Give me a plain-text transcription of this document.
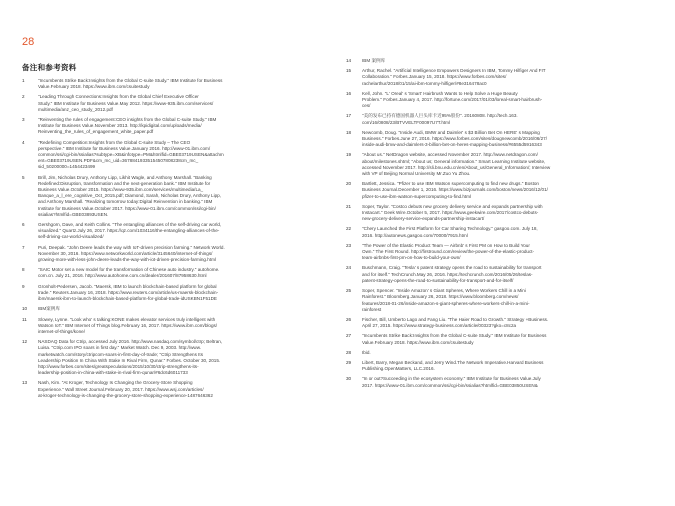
28
备注和参考资料
1	"Incumbents Strike Back:Insights from the Global C-suite Study." IBM Institute for Business
Value.February 2018. https://www.ibm.com/csuitestudy
2	"Leading Through Connections:Insights from the Global Chief Executive Officer
Study." IBM Institute for Business Value.May 2012. https://www-935.ibm.com/services/
multimedia/anz_ceo_study_2012.pdf
3	"Reinventing the rules of engagement:CEO insights from the Global C-suite Study." IBM
Institute for Business Value.November 2013. http://kpidigital.com/uploads/media/
Reinventing_the_rules_of_engagement_white_paper.pdf
4	"Redefining Competition:Insights from the Global C-suite Study – The CEO
perspective." IBM Institute for Business Value.January 2016. http://www-01.ibm.com/
common/ssi/cgi-bin/ssialias?subtype=XB&infotype=PM&htmlfid=GBE03719USEN&attachm
ent=GBE03719USEN.PDF&cm_mc_uid=36788419335154507808238cm_mc_
sid_50200000=1454423499
5	Brill, Jim, Nicholas Drury, Anthony Lipp, Likhit Wagle, and Anthony Marshall. "Banking
Redefined:Disruption, transformation and the next-generation bank." IBM Institute for
Business Value.October 2015. https://www-935.ibm.com/services/multimedia/La_
Banque_a_l_ere_cognitive_Oct_2015.pdf; Diamond, Sarah, Nicholas Drury, Anthony Lipp,
and Anthony Marshall. "Realizing tomorrow today:Digital Reinvention in banking." IBM
Institute for Business Value.October 2017. https://www-01.ibm.com/common/ssi/cgi-bin/
ssialias?htmlfid=GBE03893USEN.
6	Gershgorn, Dave, and Keith Collins. "The entangling alliances of the self-driving car world,
visualized." Quartz.July 26, 2017. https://qz.com/1034116/the-entangling-alliances-of-the-
self-driving-car-world-visualized/
7	Puri, Deepak. "John Deere leads the way with IoT-driven precision farming." Network World.
November 30, 2016. https://www.networkworld.com/article/3145640/internet-of-things/
growing-more-with-less-john-deere-leads-the-way-with-iot-driven-precision-farming.html
8	"SAIC Motor set a new model for the transformation of Chinese auto industry." autohome.
com.cn. July 21, 2016. http://www.autohome.com.cn/dealer/201607/87958630.html
9	Gronholt-Pedersen, Jacob. "Maersk, IBM to launch blockchain-based platform for global
trade." Reuters.January 16, 2018. https://www.reuters.com/article/us-maersk-blockchain-
ibm/maersk-ibm-to-launch-blockchain-based-platform-for-global-trade-idUSKBN1F51DE
10	IBM案例库
11	Slowey, Lynne. "Look who' s talking:KONE makes elevator services truly intelligent with
Watson IoT." IBM Internet of Things blog.February 16, 2017. https://www.ibm.com/blogs/
internet-of-things/kone/
12	NASDAQ Data for Ctrip, accessed July 2016. http://www.nasdaq.com/symbol/ctrp; Beltran,
Luisa. "Ctrip.com IPO soars in first day." Market Watch. Dec 9, 2003. http://www.
marketwatch.com/story/ctripcom-soars-in-first-day-of-trade; "Ctrip Strengthens Its
Leadership Position In China With Stake In Rival Firm, Qunar." Forbes. October 30, 2015.
http://www.forbes.com/sites/greatspeculations/2015/10/30/ctrip-strengthens-its-
leadership-position-in-china-with-stake-in-rival-firm-qunar/#6dc6d6011733
13	Nash, Kim. "At Kroger, Technology Is Changing the Grocery-Store Shopping
Experience." Wall Street Journal.February 20, 2017. https://www.wsj.com/articles/
at-kroger-technology-is-changing-the-grocery-store-shopping-experience-1487646362
14	IBM 案例库
15	Arthur, Rachel. "Artificial Intelligence Empowers Designers In IBM, Tommy Hilfiger And FIT
Collaboration." Forbes.January 15, 2018. https://www.forbes.com/sites/
rachelarthur/2018/01/15/ai-ibm-tommy-hilfiger/#8e316478ac0
16	Kell, John. "L' Oreal' s 'Smart' Hairbrush Wants to Help Solve a Huge Beauty
Problem." Forbes.January 4, 2017. http://fortune.com/2017/01/03/loreal-smart-hairbrush-
ces/
17	"美的发布已持有德国机器人巨头库卡近95%股份". 20160808. http://tech.163.
com/16/0808/23/BTVVELTF00097U7T.html
18	Newcomb, Doug. "Inside Audi, BMW and Daimler' s $3 Billion Bet On HERE' s Mapping
Business." Forbes.June 27, 2016. https://www.forbes.com/sites/dougnewcomb/2016/06/27/
inside-audi-bmw-and-daimlers-3-billion-bet-on-heres-mapping-business/#6555d5916343
19	"About us." NetDragon website, accessed November 2017. http://www.netdragon.com/
about/milestones.shtml; "About us; General information." Smart Learning Institute website,
accessed November 2017. http://sli.bnu.edu.cn/en/About_us/General_Information/; Interview
with VP of Beijing Normal University Mr.Zuo Yu Zhou.
20	Bartlett, Jessica. "Pfizer to use IBM Watson supercomputing to find new drugs." Boston
Business Journal.December 1, 2016. https://www.bizjournals.com/boston/news/2016/12/01/
pfizer-to-use-ibm-watson-supercomputing-to-find.html
21	Soper, Taylor. "Costco debuts new grocery delivery service and expands partnership with
Instacart." Geek Wire.October 5, 2017. https://www.geekwire.com/2017/costco-debuts-
new-grocery-delivery-service-expands-partnership-instacart/
22	"Chery Launched the First Platform for Car Sharing Technology." gasgoo.com. July 18,
2016. http://autonews.gasgoo.com/70000/7915.html
23	"The Power of the Elastic Product Team — Airbnb' s First PM on How to Build Your
Own." The First Round. http://firstround.com/review/the-power-of-the-elastic-product-
team-airbnbs-first-pm-on-how-to-build-your-own/
24	Buschmann, Craig. "Tesla' s patent strategy opens the road to sustainability for transport
and for itself." TechCrunch.May 26, 2016. https://techcrunch.com/2016/05/26/teslas-
patent-strategy-opens-the-road-to-sustainability-for-transport-and-for-itself/
25	Soper, Spencer. "Inside Amazon' s Giant Spheres, Where Workers Chill in a Mini
Rainforest." Bloomberg.January 26, 2018. https://www.bloomberg.com/news/
features/2018-01-26/inside-amazon-s-giant-spheres-where-workers-chill-in-a-mini-
rainforest
26	Fischer, Bill, Umberto Lago and Fang Liu. "The Haier Road to Growth." Strategy +Business.
April 27, 2015. https://www.strategy-business.com/article/00323?gko=c8c2a
27	"Incumbents Strike Back:Insights from the Global C-suite Study." IBM Institute for Business
Value.February 2018. https://www.ibm.com/csuitestudy
28	Ibid.
29	Libert, Barry, Megan Beckand, and Jerry Wind.The Network Imperative.Harvard Business
Publishing.OpenMatters, LLC.2016.
30	"In or out?Succeeding in the ecosystem economy." IBM Institute for Business Value.July
2017. https://www-01.ibm.com/common/ssi/cgi-bin/ssialias?htmlfid=GBE03850USEN&
